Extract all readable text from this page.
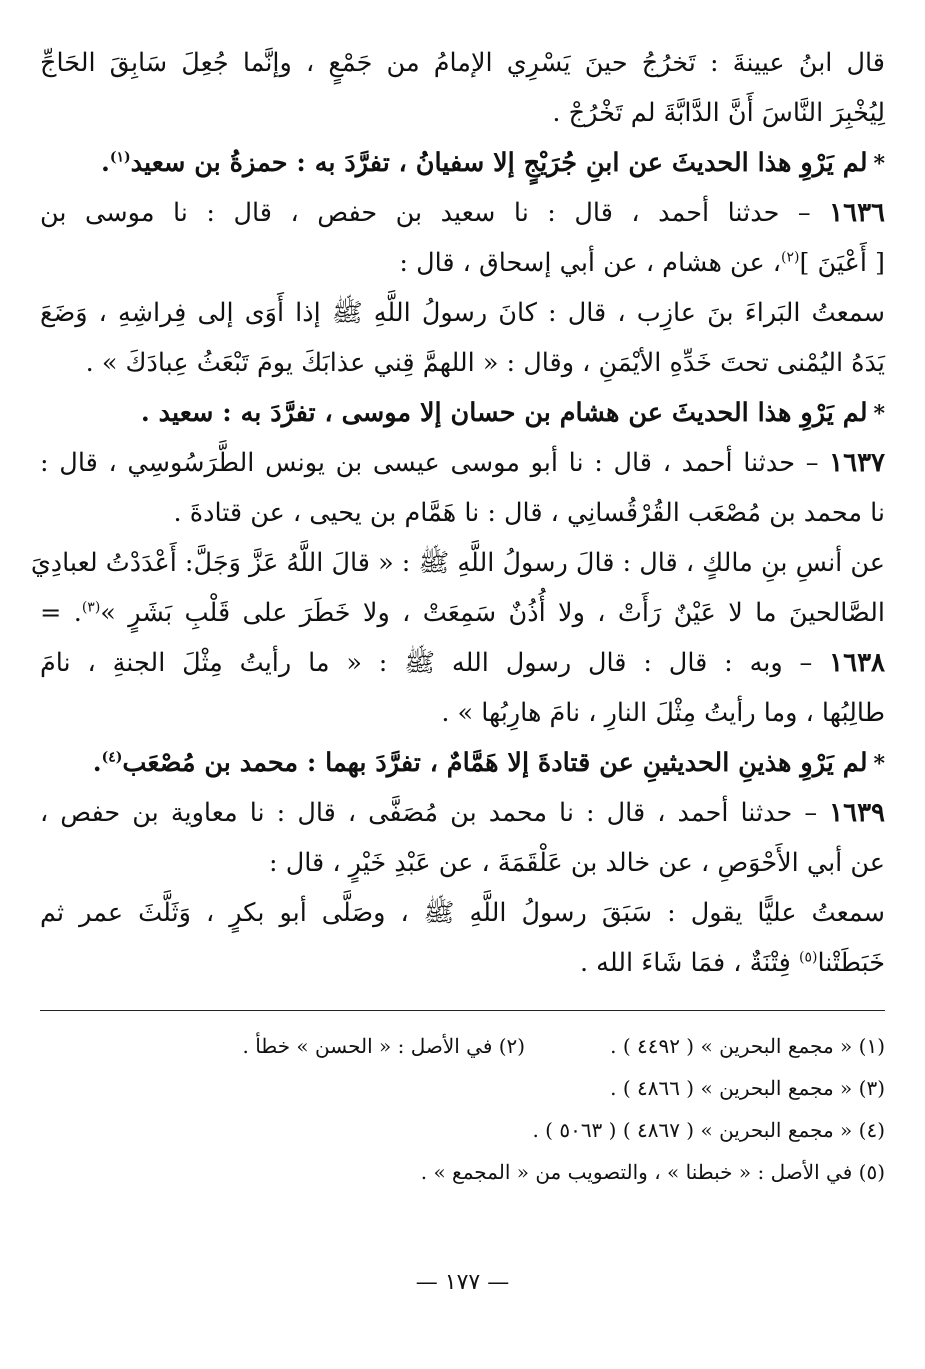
قال ابنُ عيينةَ : تَخرُجُ حينَ يَسْرِي الإمامُ من جَمْعٍ ، وإنَّما جُعِلَ سَابِقَ الحَاجِّ
لِيُخْبِرَ النَّاسَ أَنَّ الدَّابَّةَ لم تَخْرُجْ .
*لم يَرْوِ هذا الحديثَ عن ابنِ جُرَيْجٍ إلا سفيانُ ، تفرَّدَ به : حمزةُ بن سعيد$^{(١)}$.
١٦٣٦ – حدثنا أحمد ، قال : نا سعيد بن حفص ، قال : نا موسى بن
[ أَعْيَنَ ]$^{(٢)}$، عن هشام ، عن أبي إسحاق ، قال :
سمعتُ البَراءَ بنَ عازِب ، قال : كانَ رسولُ اللَّهِ ﷺ إذا أَوَى إلى فِراشِهِ ، وَضَعَ
يَدَهُ اليُمْنى تحتَ خَدِّهِ الأيْمَنِ ، وقال : « اللهمَّ قِني عذابَكَ يومَ تَبْعَثُ عِبادَكَ » .
*لم يَرْوِ هذا الحديثَ عن هشام بن حسان إلا موسى ، تفرَّدَ به : سعيد .
١٦٣٧ – حدثنا أحمد ، قال : نا أبو موسى عيسى بن يونس الطَّرَسُوسِي ، قال :
نا محمد بن مُصْعَب القُرْقُسانِي ، قال : نا هَمَّام بن يحيى ، عن قتادةَ .
عن أنسِ بنِ مالكٍ ، قال : قالَ رسولُ اللَّهِ ﷺ : « قالَ اللَّهُ عَزَّ وَجَلَّ: أَعْدَدْتُ لعبادِيَ
الصَّالحينَ ما لا عَيْنٌ رَأَتْ ، ولا أُذُنٌ سَمِعَتْ ، ولا خَطَرَ على قَلْبِ بَشَرٍ »$^{(٣)}$. =
١٦٣٨ – وبه : قال : قال رسول الله ﷺ : « ما رأيتُ مِثْلَ الجنةِ ، نامَ
طالِبُها ، وما رأيتُ مِثْلَ النارِ ، نامَ هارِبُها » .
*لم يَرْوِ هذينِ الحديثينِ عن قتادةَ إلا هَمَّامٌ ، تفرَّدَ بهما : محمد بن مُصْعَب$^{(٤)}$.
١٦٣٩ – حدثنا أحمد ، قال : نا محمد بن مُصَفَّى ، قال : نا معاوية بن حفص ،
عن أبي الأَحْوَصِ ، عن خالد بن عَلْقَمَةَ ، عن عَبْدِ خَيْرٍ ، قال :
سمعتُ عليًّا يقول : سَبَقَ رسولُ اللَّهِ ﷺ ، وصَلَّى أبو بكرٍ ، وَثَلَّثَ عمر ثم
خَبَطَتْنا$^{(٥)}$ فِتْنَةٌ ، فمَا شَاءَ الله .
(١) « مجمع البحرين » ( ٤٤٩٢ ) .(٢) في الأصل : « الحسن » خطأ .
(٣) « مجمع البحرين » ( ٤٨٦٦ ) .
(٤) « مجمع البحرين » ( ٤٨٦٧ ) ( ٥٠٦٣ ) .
(٥) في الأصل : « خبطنا » ، والتصويب من « المجمع » .
— ١٧٧ —
